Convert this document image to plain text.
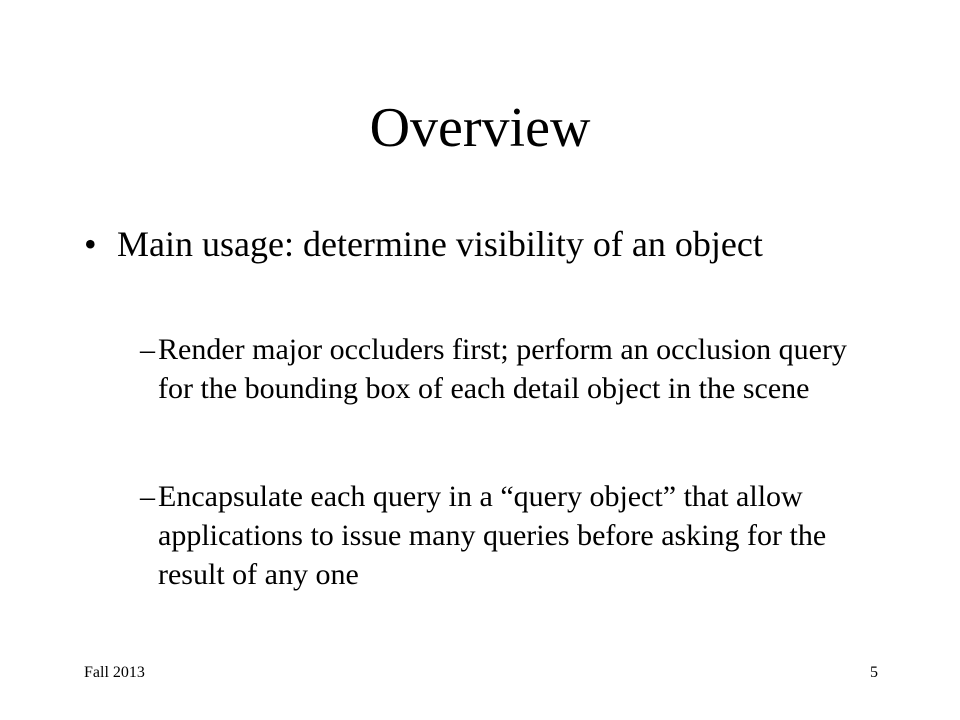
Overview
• Main usage: determine visibility of an object
– Render major occluders first; perform an occlusion query for the bounding box of each detail object in the scene
– Encapsulate each query in a “query object” that allow applications to issue many queries before asking for the result of any one
Fall 2013	5
